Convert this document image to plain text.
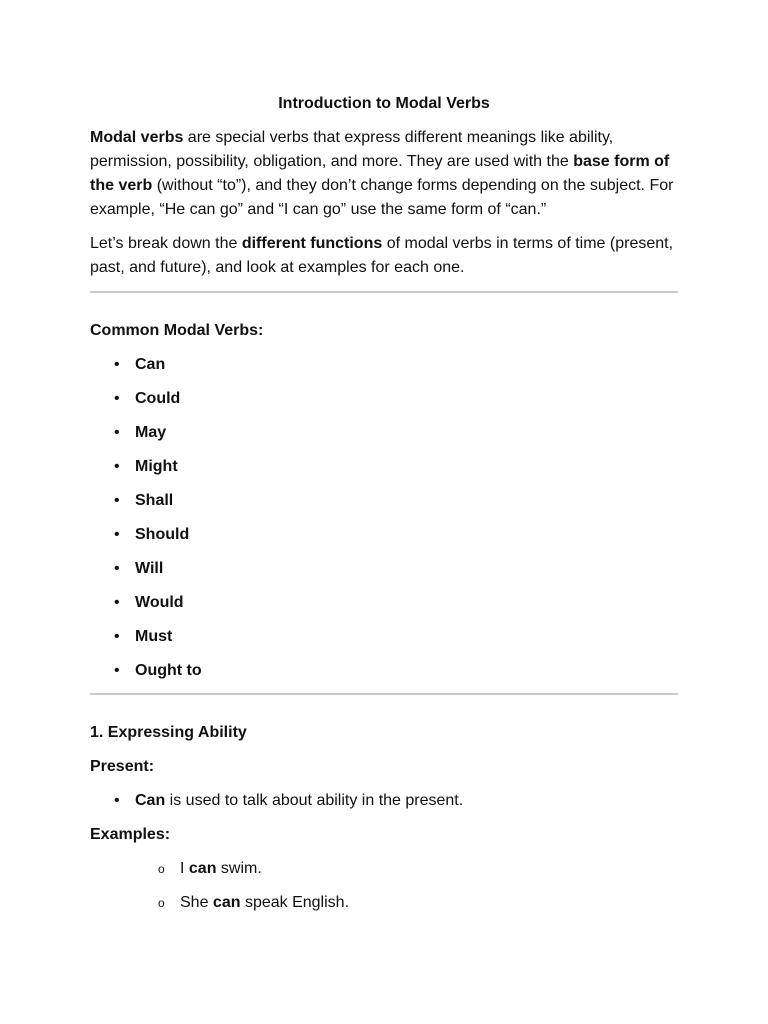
Introduction to Modal Verbs

Modal verbs are special verbs that express different meanings like ability, permission, possibility, obligation, and more. They are used with the base form of the verb (without “to”), and they don’t change forms depending on the subject. For example, “He can go” and “I can go” use the same form of “can.”

Let’s break down the different functions of modal verbs in terms of time (present, past, and future), and look at examples for each one.

Common Modal Verbs:
• Can
• Could
• May
• Might
• Shall
• Should
• Will
• Would
• Must
• Ought to
1. Expressing Ability
Present:
• Can is used to talk about ability in the present.
Examples:
o I can swim.
o She can speak English.
